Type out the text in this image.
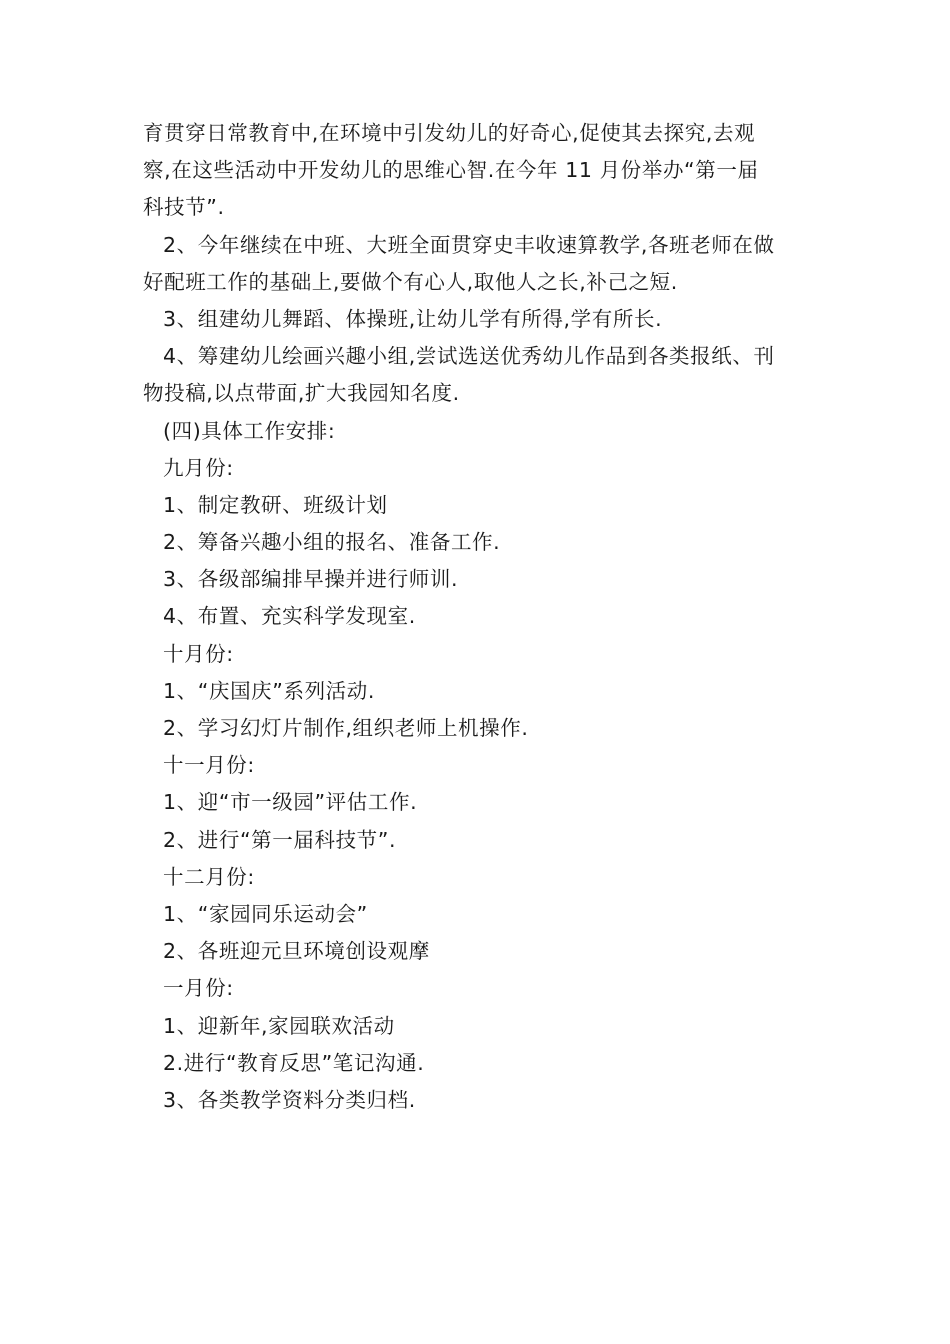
育贯穿日常教育中,在环境中引发幼儿的好奇心,促使其去探究,去观
察,在这些活动中开发幼儿的思维心智.在今年 11 月份举办“第一届
科技节”.
2、今年继续在中班、大班全面贯穿史丰收速算教学,各班老师在做
好配班工作的基础上,要做个有心人,取他人之长,补己之短.
3、组建幼儿舞蹈、体操班,让幼儿学有所得,学有所长.
4、筹建幼儿绘画兴趣小组,尝试选送优秀幼儿作品到各类报纸、刊
物投稿,以点带面,扩大我园知名度.
(四)具体工作安排:
九月份:
1、制定教研、班级计划
2、筹备兴趣小组的报名、准备工作.
3、各级部编排早操并进行师训.
4、布置、充实科学发现室.
十月份:
1、“庆国庆”系列活动.
2、学习幻灯片制作,组织老师上机操作.
十一月份:
1、迎“市一级园”评估工作.
2、进行“第一届科技节”.
十二月份:
1、“家园同乐运动会”
2、各班迎元旦环境创设观摩
一月份:
1、迎新年,家园联欢活动
2.进行“教育反思”笔记沟通.
3、各类教学资料分类归档.
